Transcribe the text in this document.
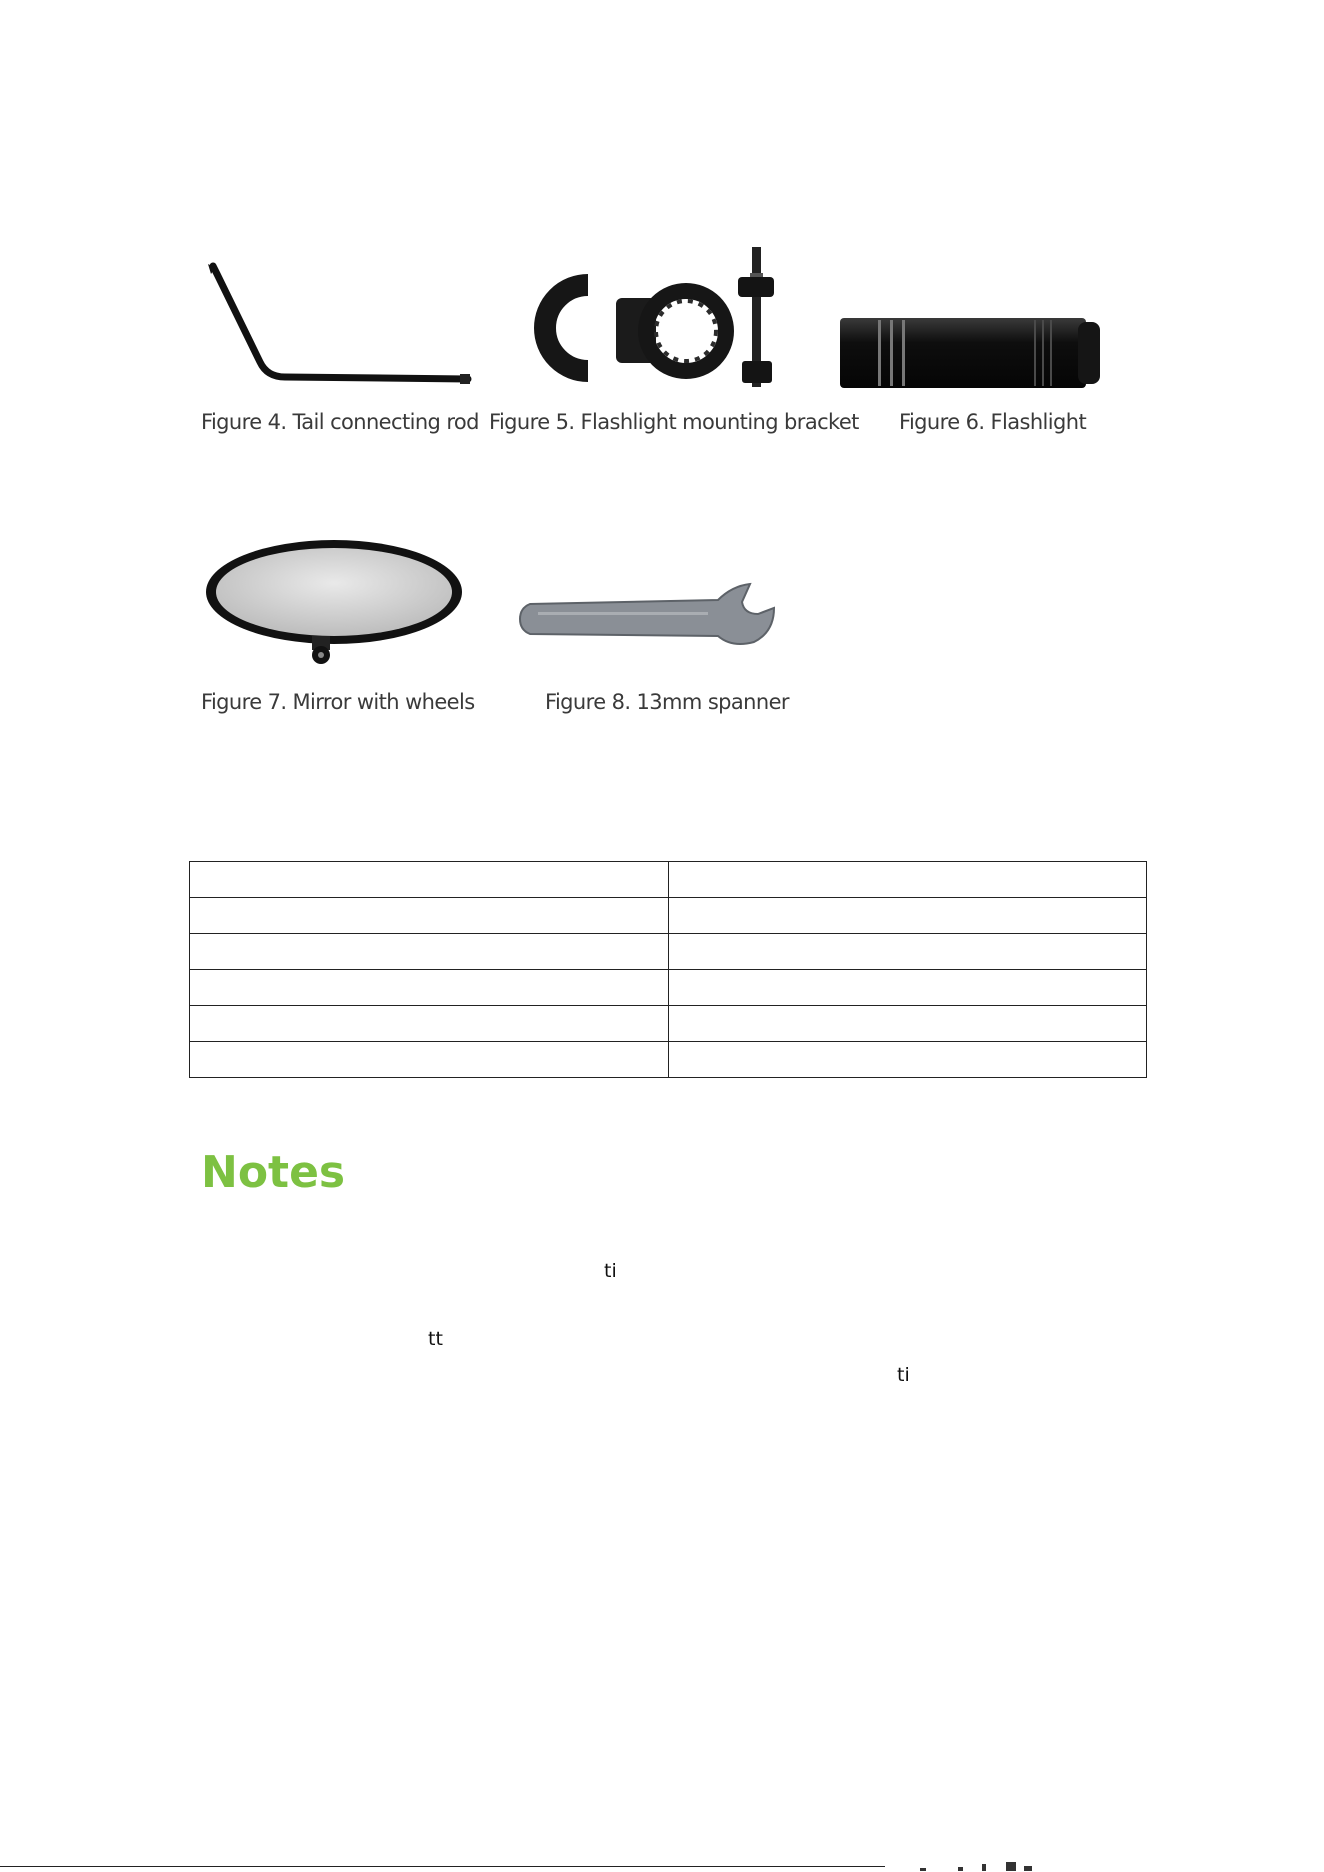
Figure 4. Tail connecting rod Figure 5. Flashlight mounting bracket Figure 6. Flashlight
Figure 7. Mirror with wheels	Figure 8. 13mm spanner

Notes
ti
tt
ti
